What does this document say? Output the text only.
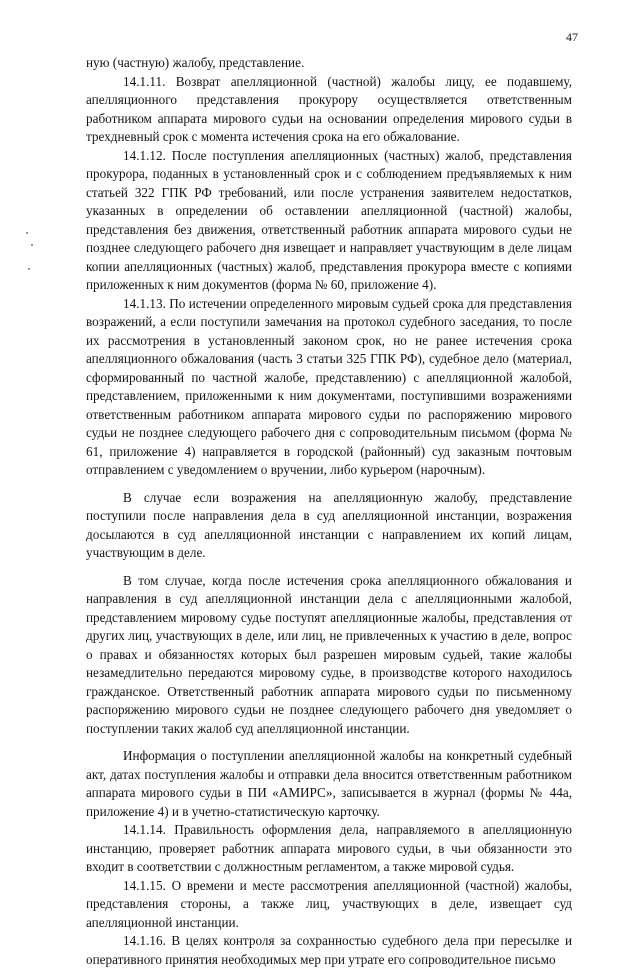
47

ную (частную) жалобу, представление.

14.1.11. Возврат апелляционной (частной) жалобы лицу, ее подавшему, апелляционного представления прокурору осуществляется ответственным работником аппарата мирового судьи на основании определения мирового судьи в трехдневный срок с момента истечения срока на его обжалование.

14.1.12. После поступления апелляционных (частных) жалоб, представления прокурора, поданных в установленный срок и с соблюдением предъявляемых к ним статьей 322 ГПК РФ требований, или после устранения заявителем недостатков, указанных в определении об оставлении апелляционной (частной) жалобы, представления без движения, ответственный работник аппарата мирового судьи не позднее следующего рабочего дня извещает и направляет участвующим в деле лицам копии апелляционных (частных) жалоб, представления прокурора вместе с копиями приложенных к ним документов (форма № 60, приложение 4).

14.1.13. По истечении определенного мировым судьей срока для представления возражений, а если поступили замечания на протокол судебного заседания, то после их рассмотрения в установленный законом срок, но не ранее истечения срока апелляционного обжалования (часть 3 статьи 325 ГПК РФ), судебное дело (материал, сформированный по частной жалобе, представлению) с апелляционной жалобой, представлением, приложенными к ним документами, поступившими возражениями ответственным работником аппарата мирового судьи по распоряжению мирового судьи не позднее следующего рабочего дня с сопроводительным письмом (форма № 61, приложение 4) направляется в городской (районный) суд заказным почтовым отправлением с уведомлением о вручении, либо курьером (нарочным).

В случае если возражения на апелляционную жалобу, представление поступили после направления дела в суд апелляционной инстанции, возражения досылаются в суд апелляционной инстанции с направлением их копий лицам, участвующим в деле.

В том случае, когда после истечения срока апелляционного обжалования и направления в суд апелляционной инстанции дела с апелляционными жалобой, представлением мировому судье поступят апелляционные жалобы, представления от других лиц, участвующих в деле, или лиц, не привлеченных к участию в деле, вопрос о правах и обязанностях которых был разрешен мировым судьей, такие жалобы незамедлительно передаются мировому судье, в производстве которого находилось гражданское. Ответственный работник аппарата мирового судьи по письменному распоряжению мирового судьи не позднее следующего рабочего дня уведомляет о поступлении таких жалоб суд апелляционной инстанции.

Информация о поступлении апелляционной жалобы на конкретный судебный акт, датах поступления жалобы и отправки дела вносится ответственным работником аппарата мирового судьи в ПИ «АМИРС», записывается в журнал (формы № 44а, приложение 4) и в учетно-статистическую карточку.

14.1.14. Правильность оформления дела, направляемого в апелляционную инстанцию, проверяет работник аппарата мирового судьи, в чьи обязанности это входит в соответствии с должностным регламентом, а также мировой судья.

14.1.15. О времени и месте рассмотрения апелляционной (частной) жалобы, представления стороны, а также лиц, участвующих в деле, извещает суд апелляционной инстанции.

14.1.16. В целях контроля за сохранностью судебного дела при пересылке и оперативного принятия необходимых мер при утрате его сопроводительное письмо
